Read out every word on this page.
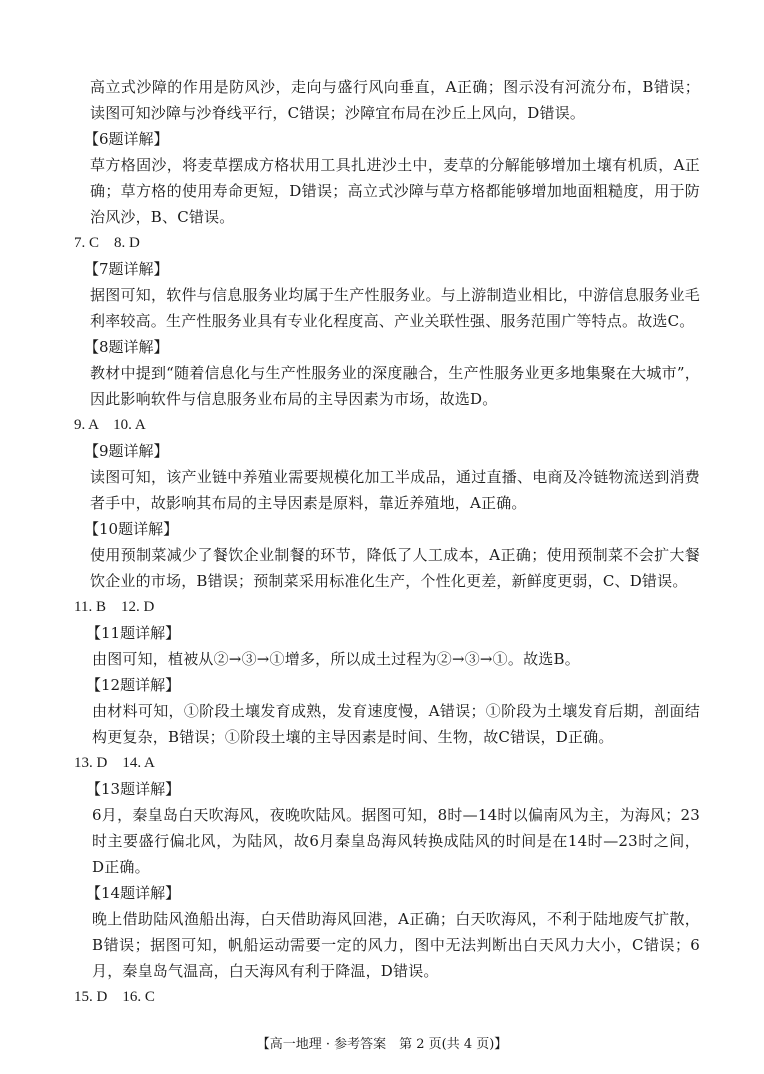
高立式沙障的作用是防风沙，走向与盛行风向垂直，A正确；图示没有河流分布，B错误；读图可知沙障与沙脊线平行，C错误；沙障宜布局在沙丘上风向，D错误。

【6题详解】

草方格固沙，将麦草摆成方格状用工具扎进沙土中，麦草的分解能够增加土壤有机质，A正确；草方格的使用寿命更短，D错误；高立式沙障与草方格都能够增加地面粗糙度，用于防治风沙，B、C错误。

7. C　8. D

【7题详解】

据图可知，软件与信息服务业均属于生产性服务业。与上游制造业相比，中游信息服务业毛利率较高。生产性服务业具有专业化程度高、产业关联性强、服务范围广等特点。故选C。

【8题详解】

教材中提到“随着信息化与生产性服务业的深度融合，生产性服务业更多地集聚在大城市”，因此影响软件与信息服务业布局的主导因素为市场，故选D。

9. A　10. A

【9题详解】

读图可知，该产业链中养殖业需要规模化加工半成品，通过直播、电商及冷链物流送到消费者手中，故影响其布局的主导因素是原料，靠近养殖地，A正确。

【10题详解】

使用预制菜减少了餐饮企业制餐的环节，降低了人工成本，A正确；使用预制菜不会扩大餐饮企业的市场，B错误；预制菜采用标准化生产，个性化更差，新鲜度更弱，C、D错误。

11. B　12. D

【11题详解】

由图可知，植被从②→③→①增多，所以成土过程为②→③→①。故选B。

【12题详解】

由材料可知，①阶段土壤发育成熟，发育速度慢，A错误；①阶段为土壤发育后期，剖面结构更复杂，B错误；①阶段土壤的主导因素是时间、生物，故C错误，D正确。

13. D　14. A

【13题详解】

6月，秦皇岛白天吹海风，夜晚吹陆风。据图可知，8时—14时以偏南风为主，为海风；23时主要盛行偏北风，为陆风，故6月秦皇岛海风转换成陆风的时间是在14时—23时之间，D正确。

【14题详解】

晚上借助陆风渔船出海，白天借助海风回港，A正确；白天吹海风，不利于陆地废气扩散，B错误；据图可知，帆船运动需要一定的风力，图中无法判断出白天风力大小，C错误；6月，秦皇岛气温高，白天海风有利于降温，D错误。

15. D　16. C

【高一地理 · 参考答案　第 2 页(共 4 页)】
